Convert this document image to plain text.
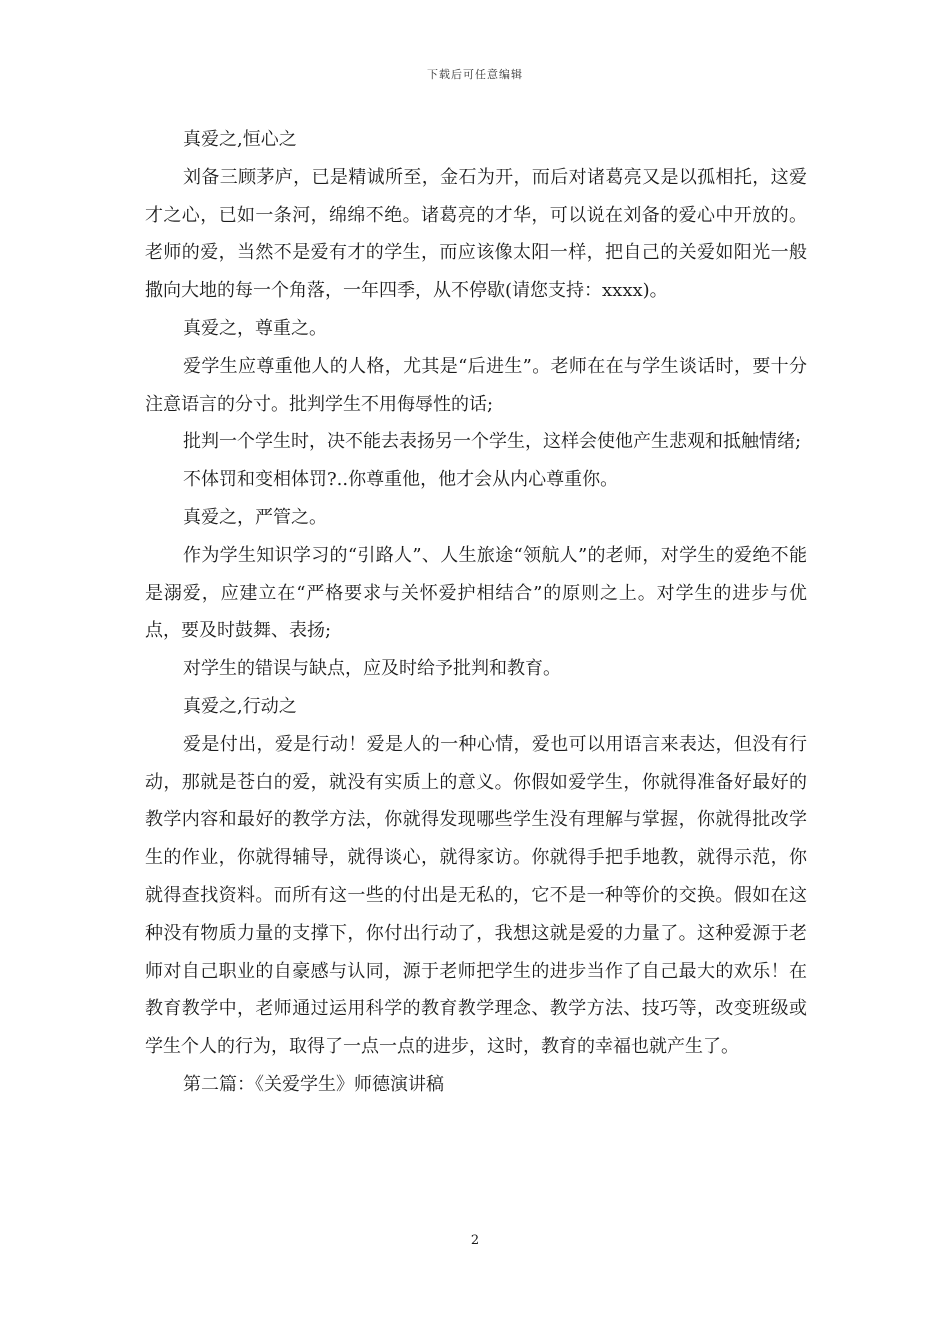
下载后可任意编辑

真爱之,恒心之

刘备三顾茅庐，已是精诚所至，金石为开，而后对诸葛亮又是以孤相托，这爱才之心，已如一条河，绵绵不绝。诸葛亮的才华，可以说在刘备的爱心中开放的。老师的爱，当然不是爱有才的学生，而应该像太阳一样，把自己的关爱如阳光一般撒向大地的每一个角落，一年四季，从不停歇(请您支持：xxxx)。

真爱之，尊重之。

爱学生应尊重他人的人格，尤其是“后进生”。老师在在与学生谈话时，要十分注意语言的分寸。批判学生不用侮辱性的话;

批判一个学生时，决不能去表扬另一个学生，这样会使他产生悲观和抵触情绪;

不体罚和变相体罚?..你尊重他，他才会从内心尊重你。

真爱之，严管之。

作为学生知识学习的“引路人”、人生旅途“领航人”的老师，对学生的爱绝不能是溺爱，应建立在“严格要求与关怀爱护相结合”的原则之上。对学生的进步与优点，要及时鼓舞、表扬;

对学生的错误与缺点，应及时给予批判和教育。

真爱之,行动之

爱是付出，爱是行动！爱是人的一种心情，爱也可以用语言来表达，但没有行动，那就是苍白的爱，就没有实质上的意义。你假如爱学生，你就得准备好最好的教学内容和最好的教学方法，你就得发现哪些学生没有理解与掌握，你就得批改学生的作业，你就得辅导，就得谈心，就得家访。你就得手把手地教，就得示范，你就得查找资料。而所有这一些的付出是无私的，它不是一种等价的交换。假如在这种没有物质力量的支撑下，你付出行动了，我想这就是爱的力量了。这种爱源于老师对自己职业的自豪感与认同，源于老师把学生的进步当作了自己最大的欢乐！在教育教学中，老师通过运用科学的教育教学理念、教学方法、技巧等，改变班级或学生个人的行为，取得了一点一点的进步，这时，教育的幸福也就产生了。

第二篇：《关爱学生》师德演讲稿

2
